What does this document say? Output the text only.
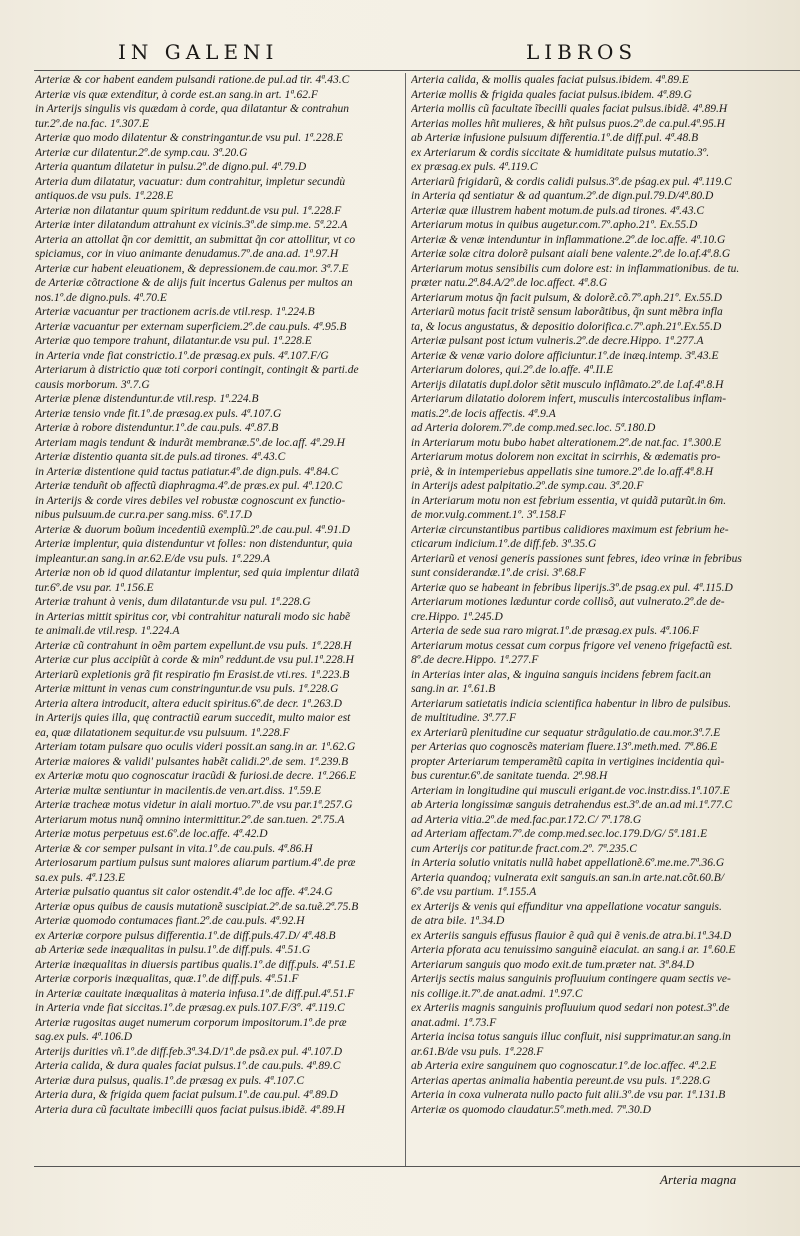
IN GALENI	LIBROS
Arteriæ & cor habent eandem pulsandi ratione.de pul.ad tir. 4ª.43.C
Arteriæ vis quæ extenditur, à corde est.an sang.in art. 1ª.62.F
in Arterijs singulis vis quædam à corde, qua dilatantur & contrahun
tur.2º.de na.fac. 1ª.307.E
Arteriæ quo modo dilatentur & constringantur.de vsu pul. 1ª.228.E
Arteriæ cur dilatentur.2º.de symp.cau. 3ª.20.G
Arteria quantum dilatetur in pulsu.2º.de digno.pul. 4ª.79.D
Arteria dum dilatatur, vacuatur: dum contrahitur, impletur secundù
antiquos.de vsu puls. 1ª.228.E
Arteriæ non dilatantur quum spiritum reddunt.de vsu pul. 1ª.228.F
Arteriæ inter dilatandum attrahunt ex vicinis.3º.de simp.me. 5ª.22.A
Arteria an attollat q̃n cor demittit, an submittat q̃n cor attollitur, vt co
spiciamus, cor in viuo animante denudamus.7º.de ana.ad. 1ª.97.H
Arteriæ cur habent eleuationem, & depressionem.de cau.mor. 3ª.7.E
de Arteriæ cõtractione & de alijs fuit incertus Galenus per multos an
nos.1º.de digno.puls. 4ª.70.E
Arteriæ vacuantur per tractionem acris.de vtil.resp. 1ª.224.B
Arteriæ vacuantur per externam superficiem.2º.de cau.puls. 4ª.95.B
Arteriæ quo tempore trahunt, dilatantur.de vsu pul. 1ª.228.E
in Arteria vnde fiat constrictio.1º.de præsag.ex puls. 4ª.107.F/G
Arteriarum à districtio quæ toti corpori contingit, contingit & parti.de
causis morborum. 3ª.7.G
Arteriæ plenæ distenduntur.de vtil.resp. 1ª.224.B
Arteriæ tensio vnde fit.1º.de præsag.ex puls. 4ª.107.G
Arteriæ à robore distenduntur.1º.de cau.puls. 4ª.87.B
Arteriam magis tendunt & indurãt membranæ.5º.de loc.aff. 4ª.29.H
Arteriæ distentio quanta sit.de puls.ad tirones. 4ª.43.C
in Arteriæ distentione quid tactus patiatur.4º.de dign.puls. 4ª.84.C
Arteriæ tenduñt ob affectũ diaphragma.4º.de præs.ex pul. 4ª.120.C
in Arterijs & corde vires debiles vel robustæ cognoscunt ex functio-
nibus pulsuum.de cur.ra.per sang.miss. 6ª.17.D
Arteriæ & duorum boũum incedentiũ exemplũ.2º.de cau.pul. 4ª.91.D
Arteriæ implentur, quia distenduntur vt folles: non distenduntur, quia
impleantur.an sang.in ar.62.E/de vsu puls. 1ª.229.A
Arteriæ non ob id quod dilatantur implentur, sed quia implentur dilatã
tur.6º.de vsu par. 1ª.156.E
Arteriæ trahunt à venis, dum dilatantur.de vsu pul. 1ª.228.G
in Arterias mittit spiritus cor, vbi contrahitur naturali modo sic habẽ
te animali.de vtil.resp. 1ª.224.A
Arteriæ cũ contrahunt in oẽm partem expellunt.de vsu puls. 1ª.228.H
Arteriæ cur plus accipiũt à corde & minº reddunt.de vsu pul.1ª.228.H
Arteriarũ expletionis grã fit respiratio fm Erasist.de vti.res. 1ª.223.B
Arteriæ mittunt in venas cum constringuntur.de vsu puls. 1ª.228.G
Arteria altera introducit, altera educit spiritus.6º.de decr. 1ª.263.D
in Arterijs quies illa, quę contractiũ earum succedit, multo maior est
ea, quæ dilatationem sequitur.de vsu pulsuum. 1ª.228.F
Arteriam totam pulsare quo oculis videri possit.an sang.in ar. 1ª.62.G
Arteriæ maiores & validi' pulsantes habẽt calidi.2º.de sem. 1ª.239.B
ex Arteriæ motu quo cognoscatur iracũdi & furiosi.de decre. 1ª.266.E
Arteriæ multæ sentiuntur in macilentis.de ven.art.diss. 1ª.59.E
Arteriæ tracheæ motus videtur in aiali mortuo.7º.de vsu par.1ª.257.G
Arteriarum motus nunq̃ omnino intermittitur.2º.de san.tuen. 2ª.75.A
Arteriæ motus perpetuus est.6º.de loc.affe. 4ª.42.D
Arteriæ & cor semper pulsant in vita.1º.de cau.puls. 4ª.86.H
Arteriosarum partium pulsus sunt maiores aliarum partium.4º.de præ
sa.ex puls. 4ª.123.E
Arteriæ pulsatio quantus sit calor ostendit.4º.de loc affe. 4ª.24.G
Arteriæ opus quibus de causis mutationẽ suscipiat.2º.de sa.tuẽ.2ª.75.B
Arteriæ quomodo contumaces fiant.2º.de cau.puls. 4ª.92.H
ex Arteriæ corpore pulsus differentia.1º.de diff.puls.47.D/ 4ª.48.B
ab Arteriæ sede inæqualitas in pulsu.1º.de diff.puls. 4ª.51.G
Arteriæ inæqualitas in diuersis partibus qualis.1º.de diff.puls. 4ª.51.E
Arteriæ corporis inæqualitas, quæ.1º.de diff.puls. 4ª.51.F
in Arteriæ cauitate inæqualitas à materia infusa.1º.de diff.pul.4ª.51.F
in Arteria vnde fiat siccitas.1º.de præsag.ex puls.107.F/3º. 4ª.119.C
Arteriæ rugositas auget numerum corporum impositorum.1º.de præ
sag.ex puls. 4ª.106.D
Arterijs durities vñ.1º.de diff.feb.3ª.34.D/1º.de psã.ex pul. 4ª.107.D
Arteria calida, & dura quales faciat pulsus.1º.de cau.puls. 4ª.89.C
Arteriæ dura pulsus, qualis.1º.de præsag ex puls. 4ª.107.C
Arteria dura, & frigida quem faciat pulsum.1º.de cau.pul. 4ª.89.D
Arteria dura cũ facultate imbecilli quos faciat pulsus.ibidẽ. 4ª.89.H
Arteria calida, & mollis quales faciat pulsus.ibidem. 4ª.89.E
Arteriæ mollis & frigida quales faciat pulsus.ibidem. 4ª.89.G
Arteria mollis cũ facultate ĩbecilli quales faciat pulsus.ibidẽ. 4ª.89.H
Arterias molles hñt mulieres, & hñt pulsus puos.2º.de ca.pul.4ª.95.H
ab Arteriæ infusione pulsuum differentia.1º.de diff.pul. 4ª.48.B
ex Arteriarum & cordis siccitate & humiditate pulsus mutatio.3º.
ex præsag.ex puls. 4ª.119.C
Arteriarũ frigidarũ, & cordis calidi pulsus.3º.de pśag.ex pul. 4ª.119.C
in Arteria qd sentiatur & ad quantum.2º.de dign.pul.79.D/4ª.80.D
Arteriæ quæ illustrem habent motum.de puls.ad tirones. 4ª.43.C
Arteriarum motus in quibus augetur.com.7º.apho.21º. Ex.55.D
Arteriæ & venæ intenduntur in inflammatione.2º.de loc.affe. 4ª.10.G
Arteriæ solæ citra dolorẽ pulsant aiali bene valente.2º.de lo.af.4ª.8.G
Arteriarum motus sensibilis cum dolore est: in inflammationibus. de tu.
præter natu.2ª.84.A/2º.de loc.affect. 4ª.8.G
Arteriarum motus q̃n facit pulsum, & dolorẽ.cõ.7º.aph.21º. Ex.55.D
Arteriarũ motus facit tristẽ sensum laborãtibus, q̃n sunt mẽbra infla
ta, & locus angustatus, & depositio dolorifica.c.7º.aph.21º.Ex.55.D
Arteriæ pulsant post ictum vulneris.2º.de decre.Hippo. 1ª.277.A
Arteriæ & venæ vario dolore afficiuntur.1º.de inæq.intemp. 3ª.43.E
Arteriarum dolores, qui.2º.de lo.affe. 4ª.II.E
Arterijs dilatatis dupl.dolor sẽtit musculo inflãmato.2º.de l.af.4ª.8.H
Arteriarum dilatatio dolorem infert, musculis intercostalibus inflam-
matis.2º.de locis affectis. 4ª.9.A
ad Arteria dolorem.7º.de comp.med.sec.loc. 5ª.180.D
in Arteriarum motu bubo habet alterationem.2º.de nat.fac. 1ª.300.E
Arteriarum motus dolorem non excitat in scirrhis, & œdematis pro-
priè, & in intemperiebus appellatis sine tumore.2º.de lo.aff.4ª.8.H
in Arterijs adest palpitatio.2º.de symp.cau. 3ª.20.F
in Arteriarum motu non est febrium essentia, vt quidã putarũt.in 6m.
de mor.vulg.comment.1º. 3ª.158.F
Arteriæ circunstantibus partibus calidiores maximum est febrium he-
cticarum indicium.1º.de diff.feb. 3ª.35.G
Arteriarũ et venosi generis passiones sunt febres, ideo vrinæ in febribus
sunt considerandæ.1º.de crisi. 3ª.68.F
Arteriæ quo se habeant in febribus liperijs.3º.de psag.ex pul. 4ª.115.D
Arteriarum motiones læduntur corde collisõ, aut vulnerato.2º.de de-
cre.Hippo. 1ª.245.D
Arteria de sede sua raro migrat.1º.de præsag.ex puls. 4ª.106.F
Arteriarum motus cessat cum corpus frigore vel veneno frigefactũ est.
8º.de decre.Hippo. 1ª.277.F
in Arterias inter alas, & inguina sanguis incidens febrem facit.an
sang.in ar. 1ª.61.B
Arteriarum satietatis indicia scientifica habentur in libro de pulsibus.
de multitudine. 3ª.77.F
ex Arteriarũ plenitudine cur sequatur strãgulatio.de cau.mor.3ª.7.E
per Arterias quo cognoscẽs materiam fluere.13º.meth.med. 7ª.86.E
propter Arteriarum temperamẽtũ capita in vertigines incidentia quì-
bus curentur.6º.de sanitate tuenda. 2ª.98.H
Arteriam in longitudine qui musculi erigant.de voc.instr.diss.1ª.107.E
ab Arteria longissimæ sanguis detrahendus est.3º.de an.ad mi.1ª.77.C
ad Arteria vitia.2º.de med.fac.par.172.C/ 7ª.178.G
ad Arteriam affectam.7º.de comp.med.sec.loc.179.D/G/ 5ª.181.E
cum Arterijs cor patitur.de fract.com.2º. 7ª.235.C
in Arteria solutio vnitatis nullã habet appellationẽ.6º.me.me.7ª.36.G
Arteria quandoq; vulnerata exit sanguis.an san.in arte.nat.cõt.60.B/
6º.de vsu partium. 1ª.155.A
ex Arterijs & venis qui effunditur vna appellatione vocatur sanguis.
de atra bile. 1ª.34.D
ex Arteriis sanguis effusus flauior ẽ quã qui ẽ venis.de atra.bi.1ª.34.D
Arteria pforata acu tenuissimo sanguinẽ eiaculat. an sang.i ar. 1ª.60.E
Arteriarum sanguis quo modo exit.de tum.præter nat. 3ª.84.D
Arterijs sectis maius sanguinis profluuium contingere quam sectis ve-
nis collige.it.7º.de anat.admi. 1ª.97.C
ex Arteriis magnis sanguinis profluuium quod sedari non potest.3º.de
anat.admi. 1ª.73.F
Arteria incisa totus sanguis illuc confluit, nisi supprimatur.an sang.in
ar.61.B/de vsu puls. 1ª.228.F
ab Arteria exire sanguinem quo cognoscatur.1º.de loc.affec. 4ª.2.E
Arterias apertas animalia habentia pereunt.de vsu puls. 1ª.228.G
Arteria in coxa vulnerata nullo pacto fuit alii.3º.de vsu par. 1ª.131.B
Arteriæ os quomodo claudatur.5º.meth.med. 7ª.30.D
Arteria magna
